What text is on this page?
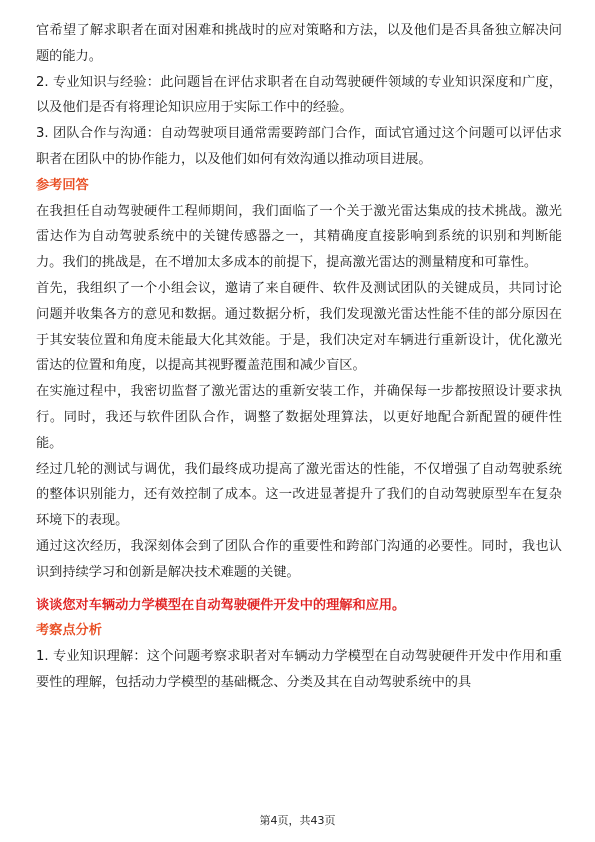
官希望了解求职者在面对困难和挑战时的应对策略和方法，以及他们是否具备独立解决问题的能力。

2. 专业知识与经验：此问题旨在评估求职者在自动驾驶硬件领域的专业知识深度和广度，以及他们是否有将理论知识应用于实际工作中的经验。

3. 团队合作与沟通：自动驾驶项目通常需要跨部门合作，面试官通过这个问题可以评估求职者在团队中的协作能力，以及他们如何有效沟通以推动项目进展。

参考回答

在我担任自动驾驶硬件工程师期间，我们面临了一个关于激光雷达集成的技术挑战。激光雷达作为自动驾驶系统中的关键传感器之一，其精确度直接影响到系统的识别和判断能力。我们的挑战是，在不增加太多成本的前提下，提高激光雷达的测量精度和可靠性。

首先，我组织了一个小组会议，邀请了来自硬件、软件及测试团队的关键成员，共同讨论问题并收集各方的意见和数据。通过数据分析，我们发现激光雷达性能不佳的部分原因在于其安装位置和角度未能最大化其效能。于是，我们决定对车辆进行重新设计，优化激光雷达的位置和角度，以提高其视野覆盖范围和减少盲区。

在实施过程中，我密切监督了激光雷达的重新安装工作，并确保每一步都按照设计要求执行。同时，我还与软件团队合作，调整了数据处理算法，以更好地配合新配置的硬件性能。

经过几轮的测试与调优，我们最终成功提高了激光雷达的性能，不仅增强了自动驾驶系统的整体识别能力，还有效控制了成本。这一改进显著提升了我们的自动驾驶原型车在复杂环境下的表现。

通过这次经历，我深刻体会到了团队合作的重要性和跨部门沟通的必要性。同时，我也认识到持续学习和创新是解决技术难题的关键。

谈谈您对车辆动力学模型在自动驾驶硬件开发中的理解和应用。

考察点分析

1. 专业知识理解：这个问题考察求职者对车辆动力学模型在自动驾驶硬件开发中作用和重要性的理解，包括动力学模型的基础概念、分类及其在自动驾驶系统中的具

第4页，共43页
